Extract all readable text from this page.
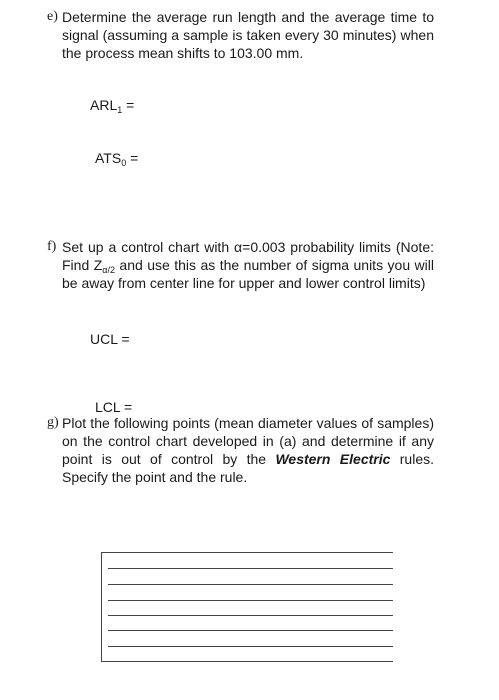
e) Determine the average run length and the average time to signal (assuming a sample is taken every 30 minutes) when the process mean shifts to 103.00 mm.
$ARL_1$ =
$ATS_0$ =
f) Set up a control chart with α=0.003 probability limits (Note: Find $Z_{\alpha/2}$ and use this as the number of sigma units you will be away from center line for upper and lower control limits)
UCL =
LCL =
g) Plot the following points (mean diameter values of samples) on the control chart developed in (a) and determine if any point is out of control by the Western Electric rules. Specify the point and the rule.
